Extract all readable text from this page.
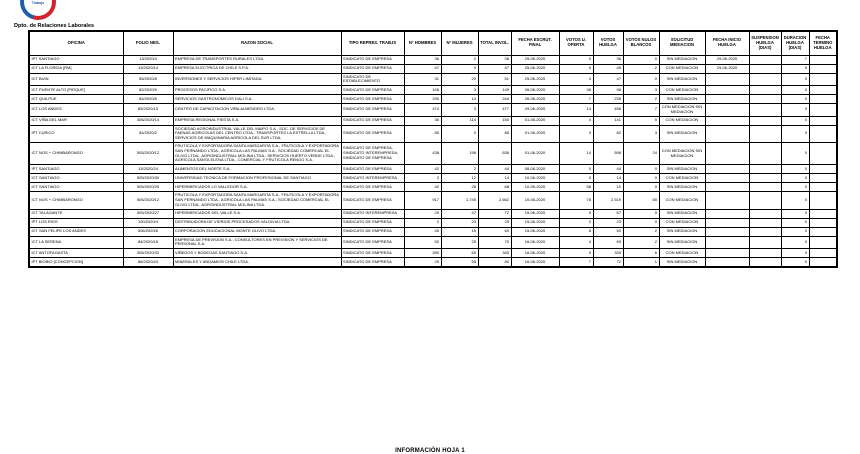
Trabajo
Dpto. de Relaciones Laborales
OFICINA	FOLIO NEG.	RAZON SOCIAL	TIPO REPRES. TRABJS	N° HOMBRES	N° MUJERES	TOTAL INVOL.	FECHA ESCRUT. FINAL	VOTOS U. OFERTA	VOTOS HUELGA	VOTOS NULOS BLANCOS	SOLICITUD MEDIACION	FECHA INICIO HUELGA	SUSPENSION HUELGA (DIAS)	DURACION HUELGA (DIAS)	FECHA TERMINO HUELGA
IPT SANTIAGO	13/2020/4	EMPRESA DE TRANSPORTES RURALES LTDA.	SINDICATO DE EMPRESA	36	2	38	25-06-2020	0	36	0	SIN MEDIACION	29-06-2020		7	
ICT LA FLORIDA [RM]	13/2020/14	EMPRESA ELECTRICA DE CHILE S.P.A.	SINDICATO DE EMPRESA	47	0	47	25-06-2020	0	45	2	CON MEDIACION	29-06-2020		5	
ICT BUIN	85/2020/8	INVERSIONES Y SERVICIOS HIPER LIMITADA.	SINDICATO DE ESTABLECIMIENTO	31	20	51	25-06-2020	4	47	0	SIN MEDIACION			0	
ICT PUENTE ALTO [PIRQUE]	82/2020/9	PROCESOS PACIFICO S.A.	SINDICATO DE EMPRESA	146	3	149	26-06-2020	48	98	3	CON MEDIACION			0	
ICT QUILPUE	84/2020/6	SERVICIOS GASTRONOMICOS DALI S.A.	SINDICATO DE EMPRESA	230	14	244	26-06-2020	7	235	2	SIN MEDIACION			0	
ICT LOS ANDES	85/2020/13	CENTRO DE CAPACITACION VIÑA ALMENDRO LTDA.	SINDICATO DE EMPRESA	474	3	477	29-06-2020	14	456	7	CON MEDIACION SIN MEDIACION			0	
ICT VIÑA DEL MAR	306/2020/14	EMPRESA REGIONAL FIESTA S.A.	SINDICATO DE EMPRESA	36	114	150	01-06-2020	4	141	5	CON MEDIACION			0	
IPT CURICO	84/2020/2	SOCIEDAD AGROINDUSTRIAL VALLE DEL MAIPO S.A., SOC. DE SERVICIOS DE FAENAS AGRICOLAS DEL CENTRO LTDA., TRANSPORTES LA ESTRELLA LTDA., SERVICIOS DE MAQUINARIA AGRICOLA DEL SUR LTDA.	SINDICATO DE EMPRESA	85	0	85	01-06-2020	0	82	3	SIN MEDIACION			0	
ICT NOS + CHIMBARONGO	505/2020/12	FRUTICOLA Y EXPORTADORA SANTA MARGARITA S.A., FRUTICOLA Y EXPORTADORA SAN FERNANDO LTDA., AGRICOLA LAS PALMAS S.A., SOCIEDAD COMERCIAL EL OLIVO LTDA., AGROINDUSTRIAL MOLINA LTDA., SERVICIOS HUERTO VERDE LTDA., AGRICOLA SANTA ELENA LTDA., COMERCIAL Y FRUTICOLA RENGO S.A.	SINDICATO DE EMPRESA, SINDICATO INTEREMPRESA, SINDICATO DE EMPRESA	438	198	636	01-06-2020	14	598	24	CON MEDIACION SIN MEDIACION			0	
IPT SANTIAGO	13/2020/24	ALIMENTOS DEL NORTE S.A.	SINDICATO DE EMPRESA	42	2	44	08-06-2020	0	44	0	SIN MEDIACION			0	
ICT SANTIAGO	505/2020/30	UNIVERSIDAD TECNICA DE FORMACION PROFESIONAL DE SANTIAGO	SINDICATO INTEREMPRESA	2	12	14	10-06-2020	0	14	0	CON MEDIACION			0	
ICT SANTIAGO	505/2020/25	HIPERMERCADOS LO VALLEDOR S.A.	SINDICATO DE EMPRESA	40	28	68	10-06-2020	58	10	0	SIN MEDIACION			0	
ICT NOS + CHIMBARONGO	505/2020/12	FRUTICOLA Y EXPORTADORA SANTA MARGARITA S.A., FRUTICOLA Y EXPORTADORA SAN FERNANDO LTDA., AGRICOLA LAS PALMAS S.A., SOCIEDAD COMERCIAL EL OLIVO LTDA., AGROINDUSTRIAL MOLINA LTDA.	SINDICATO DE EMPRESA	917	1.745	2.662	10-06-2020	78	2.519	65	CON MEDIACION			0	
ICT TALAGANTE	505/2020/27	HIPERMERCADOS DEL VALLE S.A.	SINDICATO INTEREMPRESA	25	47	72	15-06-2020	5	67	0	SIN MEDIACION			0	
IPT LOS RIOS	100/2020/4	DISTRIBUIDORA DE VIDRIOS PROCESADOS VALDIVIA LTDA.	SINDICATO DE EMPRESA	2	23	25	15-06-2020	2	23	0	CON MEDIACION			0	
ICT SAN FELIPE LOS ANDES	506/2020/6	CORPORACION EDUCACIONAL MONTE OLIVO LTDA.	SINDICATO DE EMPRESA	45	15	60	15-06-2020	8	50	2	SIN MEDIACION			0	
ICT LA SERENA	84/2020/18	EMPRESA DE PREVISION S.A., CONSULTORES EN PREVISION Y SERVICIOS DE PERSONAL S.A.	SINDICATO DE EMPRESA	50	25	75	16-06-2020	4	69	2	SIN MEDIACION			0	
ICT ANTOFAGASTA	305/2020/32	VIÑEDOS Y BODEGAS SANTIAGO S.A.	SINDICATO DE EMPRESA	280	65	345	16-06-2020	9	330	6	CON MEDIACION			0	
IPT BIOBIO [CONCEPCION]	86/2020/43	MINERALES Y ANDAMIOS CHILE LTDA.	SINDICATO DE EMPRESA	25	55	80	16-06-2020	7	72	1	SIN MEDIACION			0	
INFORMACIÓN HOJA 1
